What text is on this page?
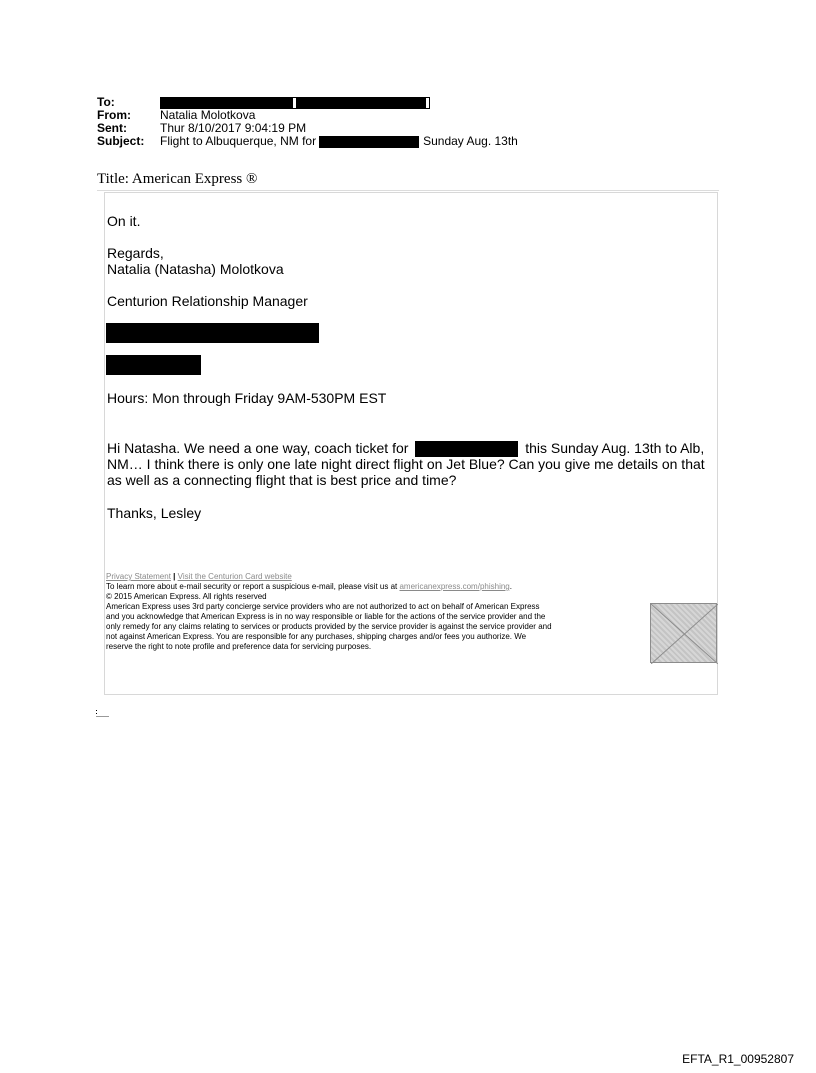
To:
From:	Natalia Molotkova
Sent:	Thur 8/10/2017 9:04:19 PM
Subject:	Flight to Albuquerque, NM for	Sunday Aug. 13th
Title: American Express ®
On it.
Regards,
Natalia (Natasha) Molotkova
Centurion Relationship Manager
Hours: Mon through Friday 9AM-530PM EST
Hi Natasha. We need a one way, coach ticket for	this Sunday Aug. 13th to Alb,
NM… I think there is only one late night direct flight on Jet Blue? Can you give me details on that
as well as a connecting flight that is best price and time?
Thanks, Lesley
Privacy Statement | Visit the Centurion Card website
To learn more about e-mail security or report a suspicious e-mail, please visit us at americanexpress.com/phishing.
© 2015 American Express. All rights reserved
American Express uses 3rd party concierge service providers who are not authorized to act on behalf of American Express
and you acknowledge that American Express is in no way responsible or liable for the actions of the service provider and the
only remedy for any claims relating to services or products provided by the service provider is against the service provider and
not against American Express. You are responsible for any purchases, shipping charges and/or fees you authorize. We
reserve the right to note profile and preference data for servicing purposes.
EFTA_R1_00952807
